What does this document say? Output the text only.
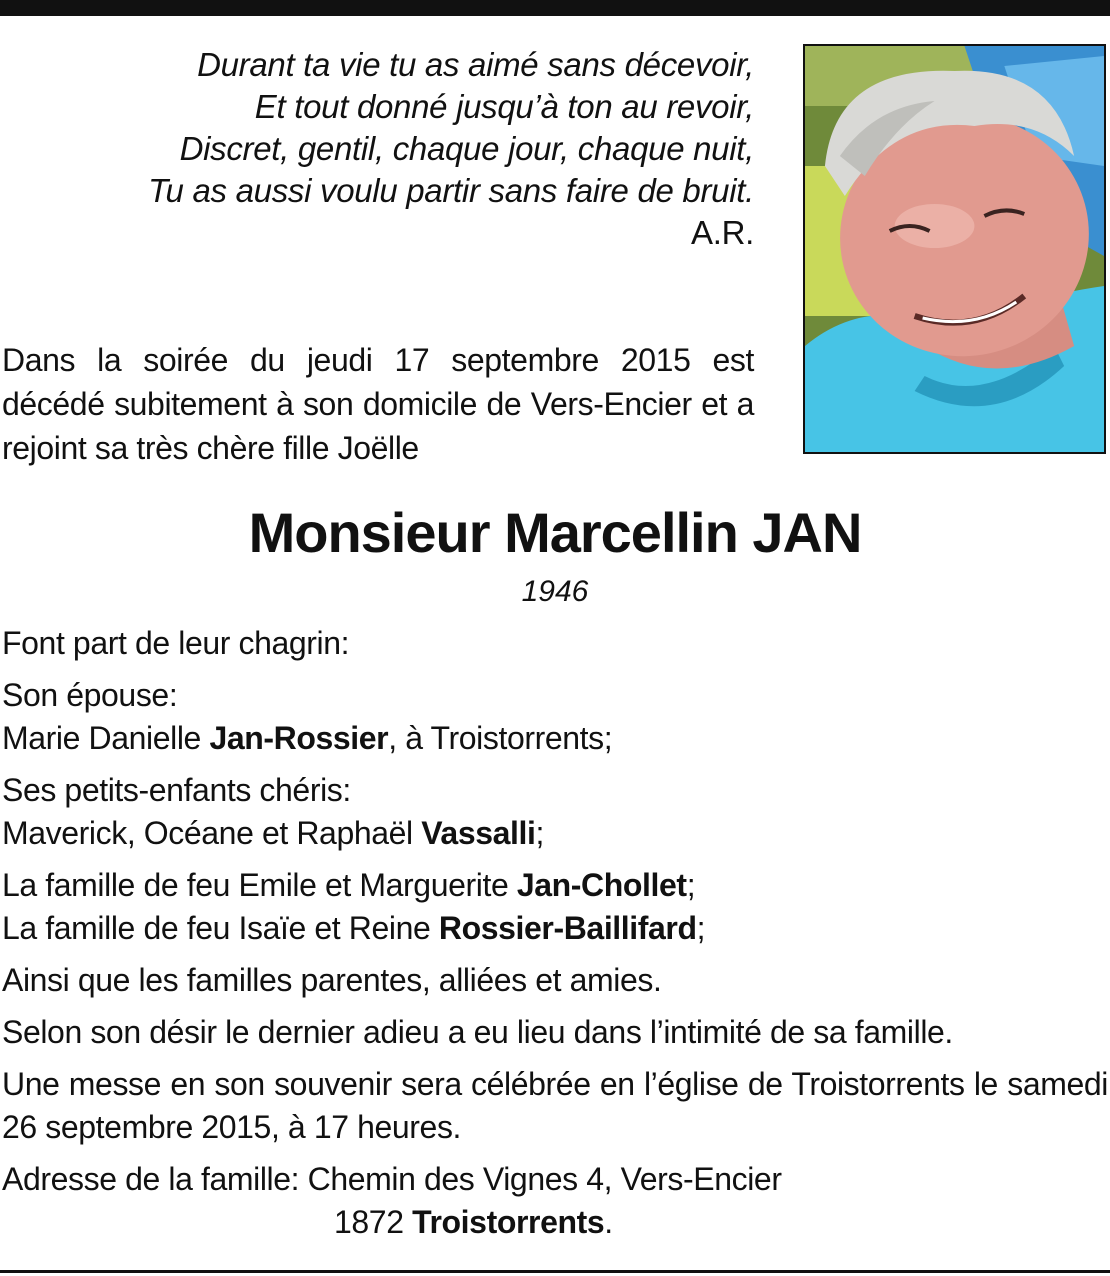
Durant ta vie tu as aimé sans décevoir,
Et tout donné jusqu’à ton au revoir,
Discret, gentil, chaque jour, chaque nuit,
Tu as aussi voulu partir sans faire de bruit.
A.R.
Dans la soirée du jeudi 17 septembre 2015 est décédé subitement à son domicile de Vers-Encier et a rejoint sa très chère fille Joëlle
Monsieur Marcellin JAN
1946

Font part de leur chagrin:

Son épouse:
Marie Danielle Jan-Rossier, à Troistorrents;

Ses petits-enfants chéris:
Maverick, Océane et Raphaël Vassalli;

La famille de feu Emile et Marguerite Jan-Chollet;
La famille de feu Isaïe et Reine Rossier-Baillifard;

Ainsi que les familles parentes, alliées et amies.

Selon son désir le dernier adieu a eu lieu dans l’intimité de sa famille.

Une messe en son souvenir sera célébrée en l’église de Troistorrents le samedi 26 septembre 2015, à 17 heures.

Adresse de la famille: Chemin des Vignes 4, Vers-Encier
1872 Troistorrents.
